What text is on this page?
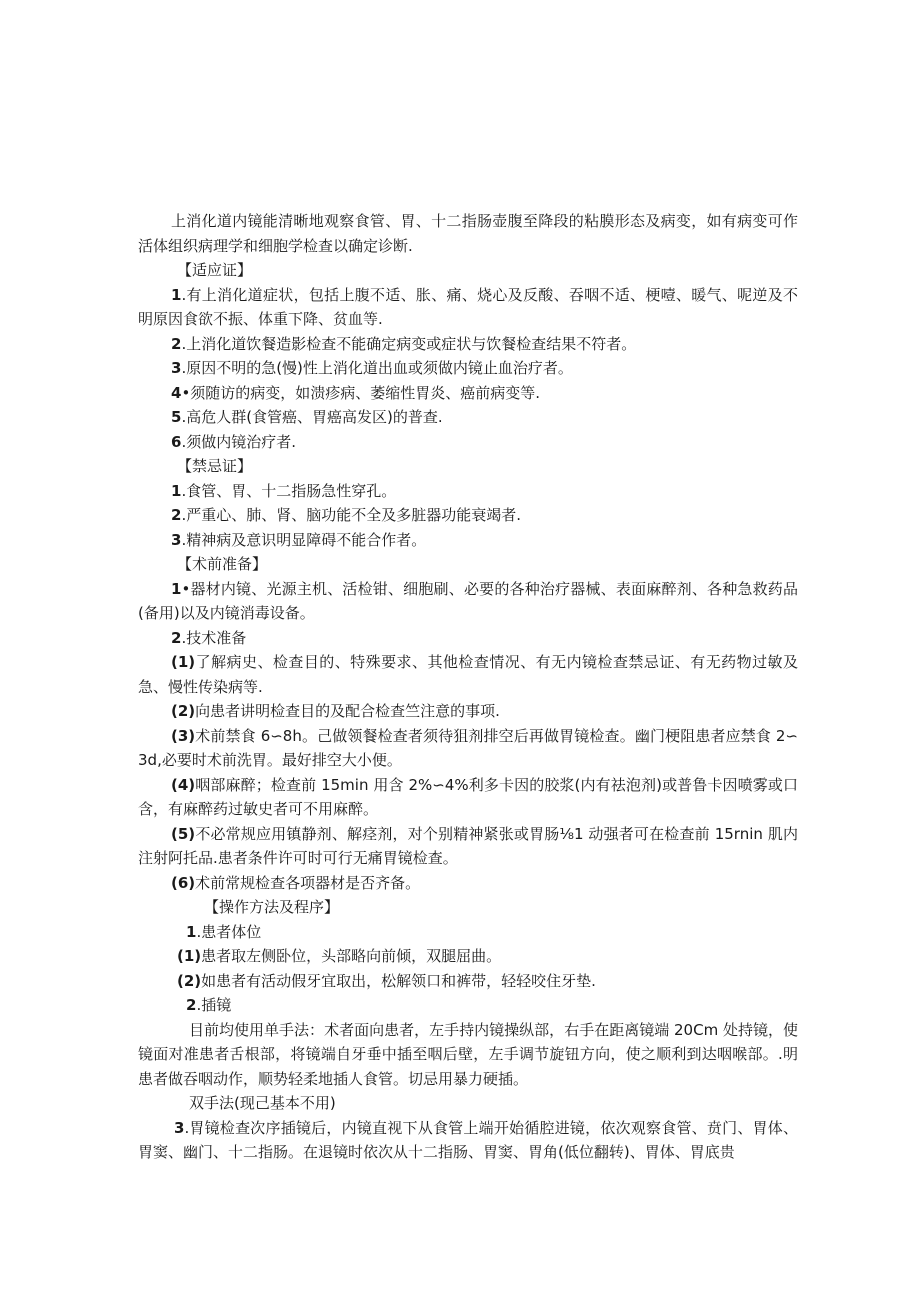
上消化道内镜能清晰地观察食管、胃、十二指肠壶腹至降段的粘膜形态及病变，如有病变可作活体组织病理学和细胞学检查以确定诊断.

【适应证】

1.有上消化道症状，包括上腹不适、胀、痛、烧心及反酸、吞咽不适、梗噎、暖气、呢逆及不明原因食欲不振、体重下降、贫血等.

2.上消化道饮餐造影检查不能确定病变或症状与饮餐检查结果不符者。

3.原因不明的急(慢)性上消化道出血或须做内镜止血治疗者。

4•须随访的病变，如溃疹病、萎缩性胃炎、癌前病变等.

5.高危人群(食管癌、胃癌高发区)的普查.

6.须做内镜治疗者.

【禁忌证】

1.食管、胃、十二指肠急性穿孔。

2.严重心、肺、肾、脑功能不全及多脏器功能衰竭者.

3.精神病及意识明显障碍不能合作者。

【术前准备】

1•器材内镜、光源主机、活检钳、细胞刷、必要的各种治疗器械、表面麻醉剂、各种急救药品(备用)以及内镜消毒设备。

2.技术准备

(1)了解病史、检查目的、特殊要求、其他检查情况、有无内镜检查禁忌证、有无药物过敏及急、慢性传染病等.

(2)向患者讲明检查目的及配合检查竺注意的事项.

(3)术前禁食 6∽8h。己做领餐检查者须待狙剂排空后再做胃镜检查。幽门梗阻患者应禁食 2∽3d,必要时术前洗胃。最好排空大小便。

(4)咽部麻醉；检查前 15min 用含 2%∽4%利多卡因的胶浆(内有祛泡剂)或普鲁卡因喷雾或口含，有麻醉药过敏史者可不用麻醉。

(5)不必常规应用镇静剂、解痉剂，对个别精神紧张或胃肠⅛1 动强者可在检查前 15rnin 肌内注射阿托品.患者条件许可时可行无痛胃镜检查。

(6)术前常规检查各项器材是否齐备。

【操作方法及程序】

1.患者体位

(1)患者取左侧卧位，头部略向前倾，双腿屈曲。

(2)如患者有活动假牙宜取出，松解领口和裤带，轻轻咬住牙垫.

2.插镜

目前均使用单手法：术者面向患者，左手持内镜操纵部，右手在距离镜端 20Cm 处持镜，使镜面对准患者舌根部，将镜端自牙垂中插至咽后壁，左手调节旋钮方向，使之顺利到达咽喉部。.明患者做吞咽动作，顺势轻柔地插人食管。切忌用暴力硬插。

双手法(现己基本不用)

3.胃镜检查次序插镜后，内镜直视下从食管上端开始循腔进镜，依次观察食管、贲门、胃体、胃窦、幽门、十二指肠。在退镜时依次从十二指肠、胃窦、胃角(低位翻转)、胃体、胃底贵
